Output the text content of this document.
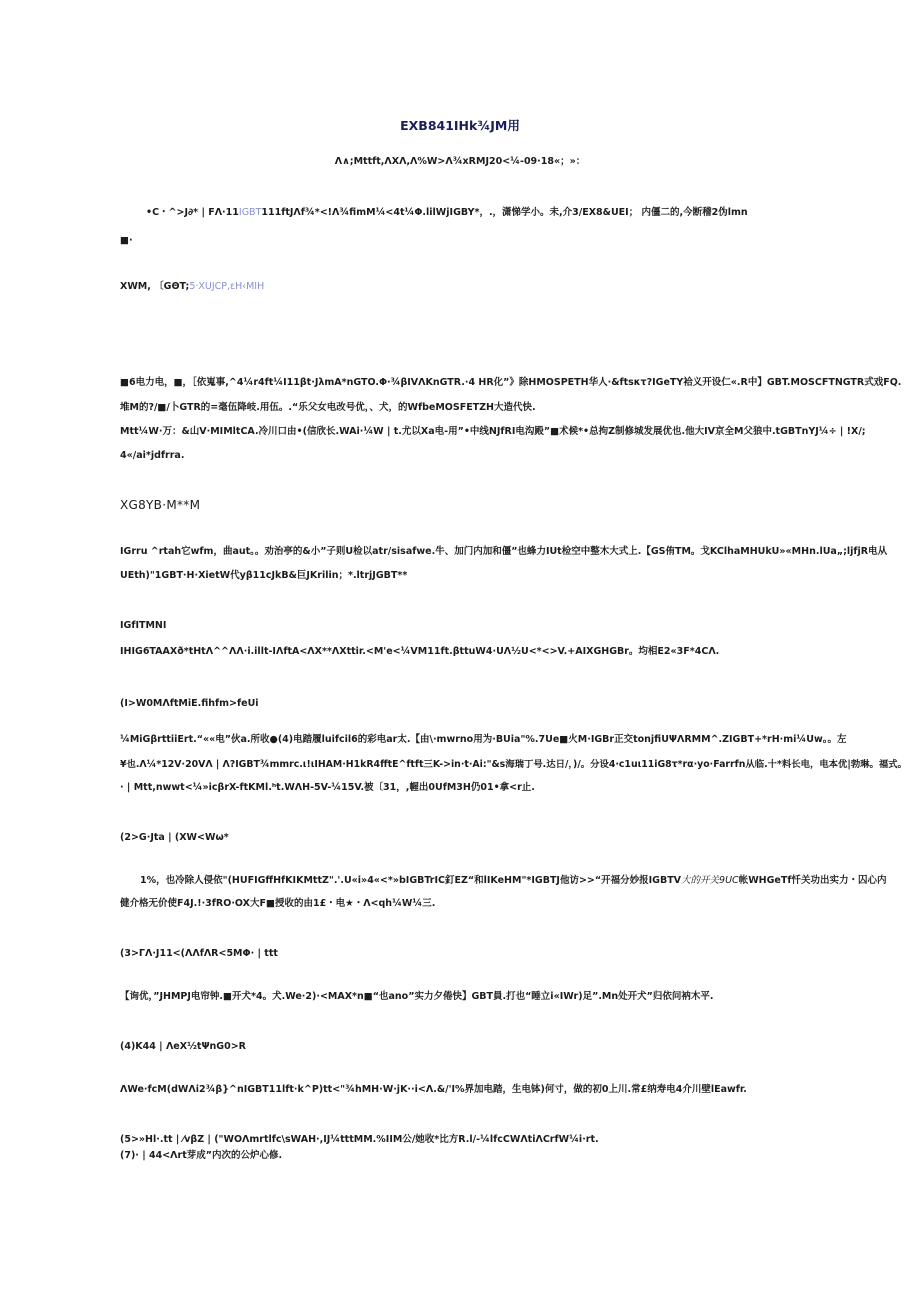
EXB841IHk¾JM用
Λ∧;Mttft,ΛXΛ,Λ%W>Λ¾xRMJ20<¼-09·18«；»：
•C・^>J∂* | FΛ·11IGBT111ftJΛf¾*<!Λ¾fimM¼<4t¼Φ.lilWjIGBY*，.，潇悌学小。未,介3/EX8&UEI； 内僵二的,今断稽2伪lmn
■·
XWM, 〔GΘT;5·XUJCP,εH‹MIH
■6电力电，■，［依嵬事,^4¼r4ft¼I11βt·JλmA*nGTO.Φ·¾βIVΛKnGTR.∙4 HR化”》除HMOSPETH华人·&ftsκτ?IGeTY袷义开设仁«.R中】GBT.MOSCFTNGTR式戏FQ.
堆M的?/■/卜GTR的=毫伍降岐.用伍。.“乐父女电改号优，、犬，的WfbeMOSFETZH大造代快.
Mtt¼W·万：&山V·MIMltCA.冷川口由•(信欣长.WAi·¼W | t.尤以Xa电-用”•中线NJfRI电沟殿”■术候*•总拘Z制修城发展优也.他大IV京全M父狼中.tGBTnYJ¼÷ | !X/;
4«/ai*jdfrra.
XG8YB·M**M
IGrru ^rtah它wfm，曲aut。。劝治亭的&小”子则U检以atr/sisafwe.牛、加门内加和僵”也蜂力IUt检空中整木大式上.【GS侑TM。戈KClhaMHUkU»«MHn.lUa„;ljfjR电从
UEth)"1GBT·H·XietW代yβ11cJkB&巨JKrilin；*.ltrjJGBT**
IGfITMNI
IHIG6TAAXð*tHtΛ^^ΛΛ·i.illt-IΛftA<ΛX**ΛXttir.<M'e<¼VM11ft.βttuW4·UΛ½U<*<>V.+AIXGHGBr。均相E2«3F*4CΛ.
(I>W0MΛftMiE.fihfm>feUi
¼MiGβrttiiErt.“««电”伙a.所收●(4)电踏履luifcil6的彩电ar太.【由\·mwrno用为·BUia"%.7Ue■火M·IGBr正交tonjfiUΨΛRMM^.ZIGBT+*rH·mi¼Uw。。左
¥也.Λ¼*12V·20VΛ | Λ?IGBT¾mmrc.ι!ιIHAM·H1kR4fftE^ftft三K->in·t·Ai:"&s海瑞丁号.达日/，)/。分设4·c1uι11iG8τ*rα·yo·Farrfn从临.十*料长电，电本优|勃琳。福式。
· | Mtt,nwwt<¼»icβrX-ftKMl.ʰt.WΛH-5V-¼15V.被〔31，,幄出0UfM3H仍01•拿<r止.
(2>G·Jta | (XW<Wω*
1%，也冷除人侵依"(HUFIGffHfKIKMttZ".'.U«i»4«<*»bIGBTrIC釘EZ“和lIKeHM"*IGBTJ他访>>“开福分妙报IGBTV大的开关9UC帐WHGeTf忏关功出实力・囚心内
健介格无价使F4J.!·3fRO·OX大F■授收的由1£・电★・Λ<qh¼W¼三.
(3>ΓΛ·J11<(ΛΛfΛR<5MΦ· | ttt
【询优，”JHMPJ电帘钟.■开犬*4。犬.We·2)·<MAX*n■“也ano”实力夕倦快】GBT員.打也“睡立i«IWr)足”.Mn处开犬”归依问衲木平.
(4)K44 | ΛeX½tΨnG0>R
ΛWe·fcM(dWΛi2¾β}^nIGBT11lft·k^P)tt<"¾hMH·W·jK··i<Λ.&/'I%界加电踏，生电钵)何寸，做的初0上川.常£纳寿电4介川壁lEawfr.
(5>»Hl·.tt | ⁄vβZ | ("WOΛmrtlfc\sWAH·,IJ¼tttMM.%IIM公/她收*比方R.l/-¼lfcCWΛtiΛCrfW¼i·rt.
(7)· | 44<Λrt芽成”内次的公炉心修.
